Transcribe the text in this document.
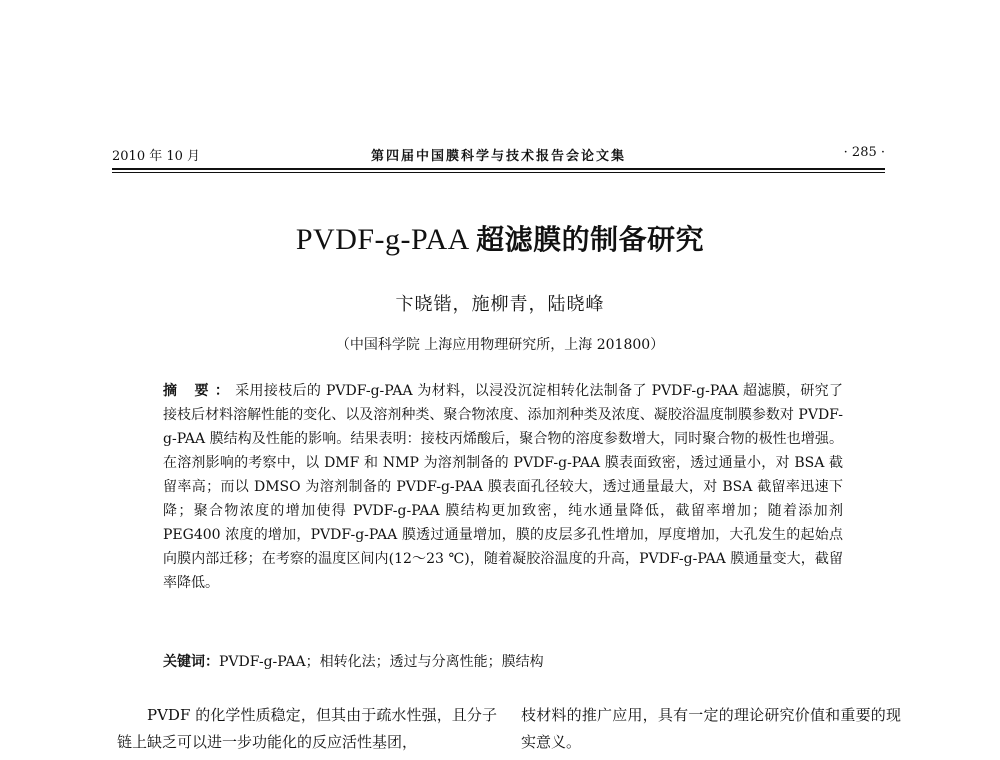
2010 年 10 月	第四届中国膜科学与技术报告会论文集	· 285 ·
PVDF-g-PAA 超滤膜的制备研究
卞晓锴，施柳青，陆晓峰
（中国科学院 上海应用物理研究所，上海 201800）
摘 要：采用接枝后的 PVDF-g-PAA 为材料，以浸没沉淀相转化法制备了 PVDF-g-PAA 超滤膜，研究了接枝后材料溶解性能的变化、以及溶剂种类、聚合物浓度、添加剂种类及浓度、凝胶浴温度制膜参数对 PVDF-g-PAA 膜结构及性能的影响。结果表明：接枝丙烯酸后，聚合物的溶度参数增大，同时聚合物的极性也增强。在溶剂影响的考察中，以 DMF 和 NMP 为溶剂制备的 PVDF-g-PAA 膜表面致密，透过通量小，对 BSA 截留率高；而以 DMSO 为溶剂制备的 PVDF-g-PAA 膜表面孔径较大，透过通量最大，对 BSA 截留率迅速下降；聚合物浓度的增加使得 PVDF-g-PAA 膜结构更加致密，纯水通量降低，截留率增加；随着添加剂 PEG400 浓度的增加，PVDF-g-PAA 膜透过通量增加，膜的皮层多孔性增加，厚度增加，大孔发生的起始点向膜内部迁移；在考察的温度区间内(12～23 ℃)，随着凝胶浴温度的升高，PVDF-g-PAA 膜通量变大，截留率降低。
关键词：PVDF-g-PAA；相转化法；透过与分离性能；膜结构
PVDF 的化学性质稳定，但其由于疏水性强，且分子链上缺乏可以进一步功能化的反应活性基团，
枝材料的推广应用，具有一定的理论研究价值和重要的现实意义。
